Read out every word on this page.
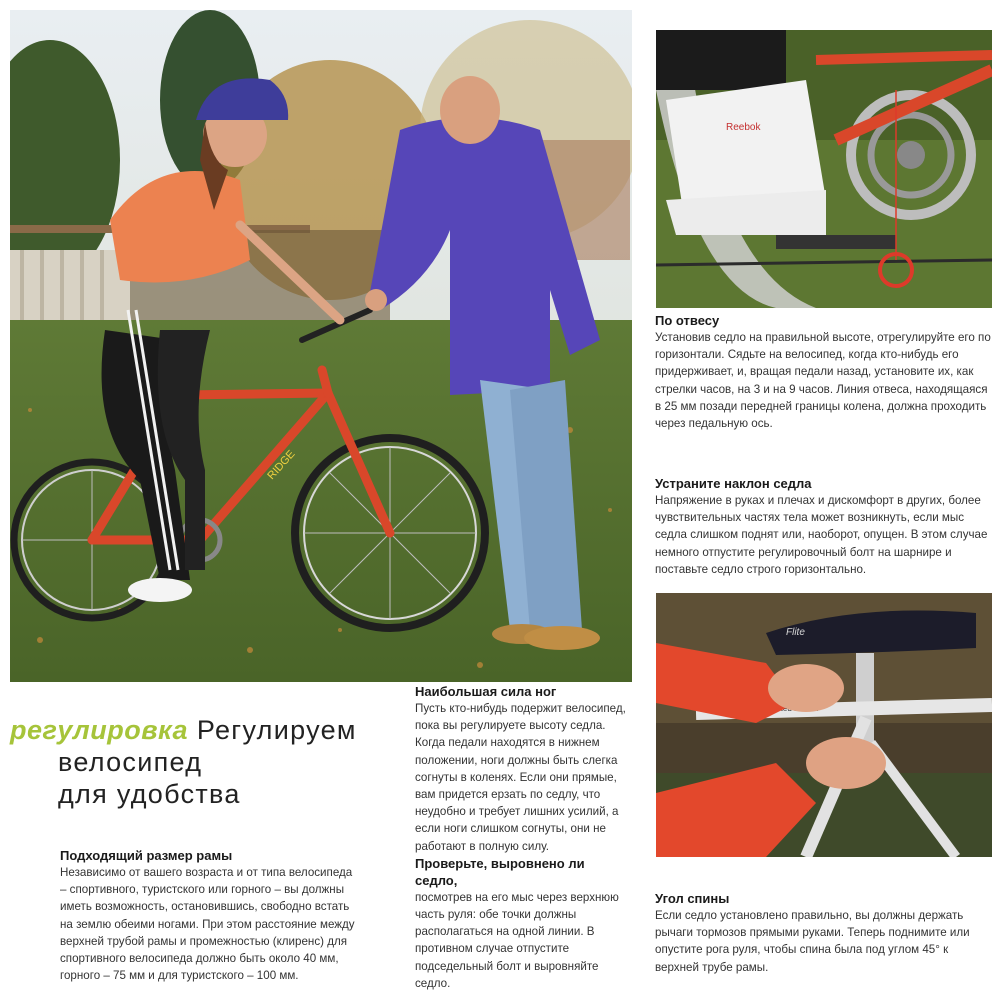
RIDGE
Reebok
Flite
регулировка Регулируем
велосипед
для удобства
Подходящий размер рамы
Независимо от вашего возраста и от типа велосипеда – спортивного, туристского или горного – вы должны иметь возможность, остановившись, свободно встать на землю обеими ногами. При этом расстояние между верхней трубой рамы и промежностью (клиренс) для спортивного велосипеда должно быть около 40 мм, горного – 75 мм и для туристского – 100 мм.
Наибольшая сила ног
Пусть кто-нибудь подержит велосипед, пока вы регулируете высоту седла. Когда педали находятся в нижнем положении, ноги должны быть слегка согнуты в коленях. Если они прямые, вам придется ерзать по седлу, что неудобно и требует лишних усилий, а если ноги слишком согнуты, они не работают в полную силу.
Проверьте, выровнено ли седло,
посмотрев на его мыс через верхнюю часть руля: обе точки должны располагаться на одной линии. В противном случае отпустите подседельный болт и выровняйте седло.
По отвесу
Установив седло на правильной высоте, отрегулируйте его по горизонтали. Сядьте на велосипед, когда кто-нибудь его придерживает, и, вращая педали назад, установите их, как стрелки часов, на 3 и на 9 часов. Линия отвеса, находящаяся в 25 мм позади передней границы колена, должна проходить через педальную ось.
Устраните наклон седла
Напряжение в руках и плечах и дискомфорт в других, более чувствительных частях тела может возникнуть, если мыс седла слишком поднят или, наоборот, опущен. В этом случае немного отпустите регулировочный болт на шарнире и поставьте седло строго горизонтально.
Угол спины
Если седло установлено правильно, вы должны держать рычаги тормозов прямыми руками. Теперь поднимите или опустите рога руля, чтобы спина была под углом 45° к верхней трубе рамы.
